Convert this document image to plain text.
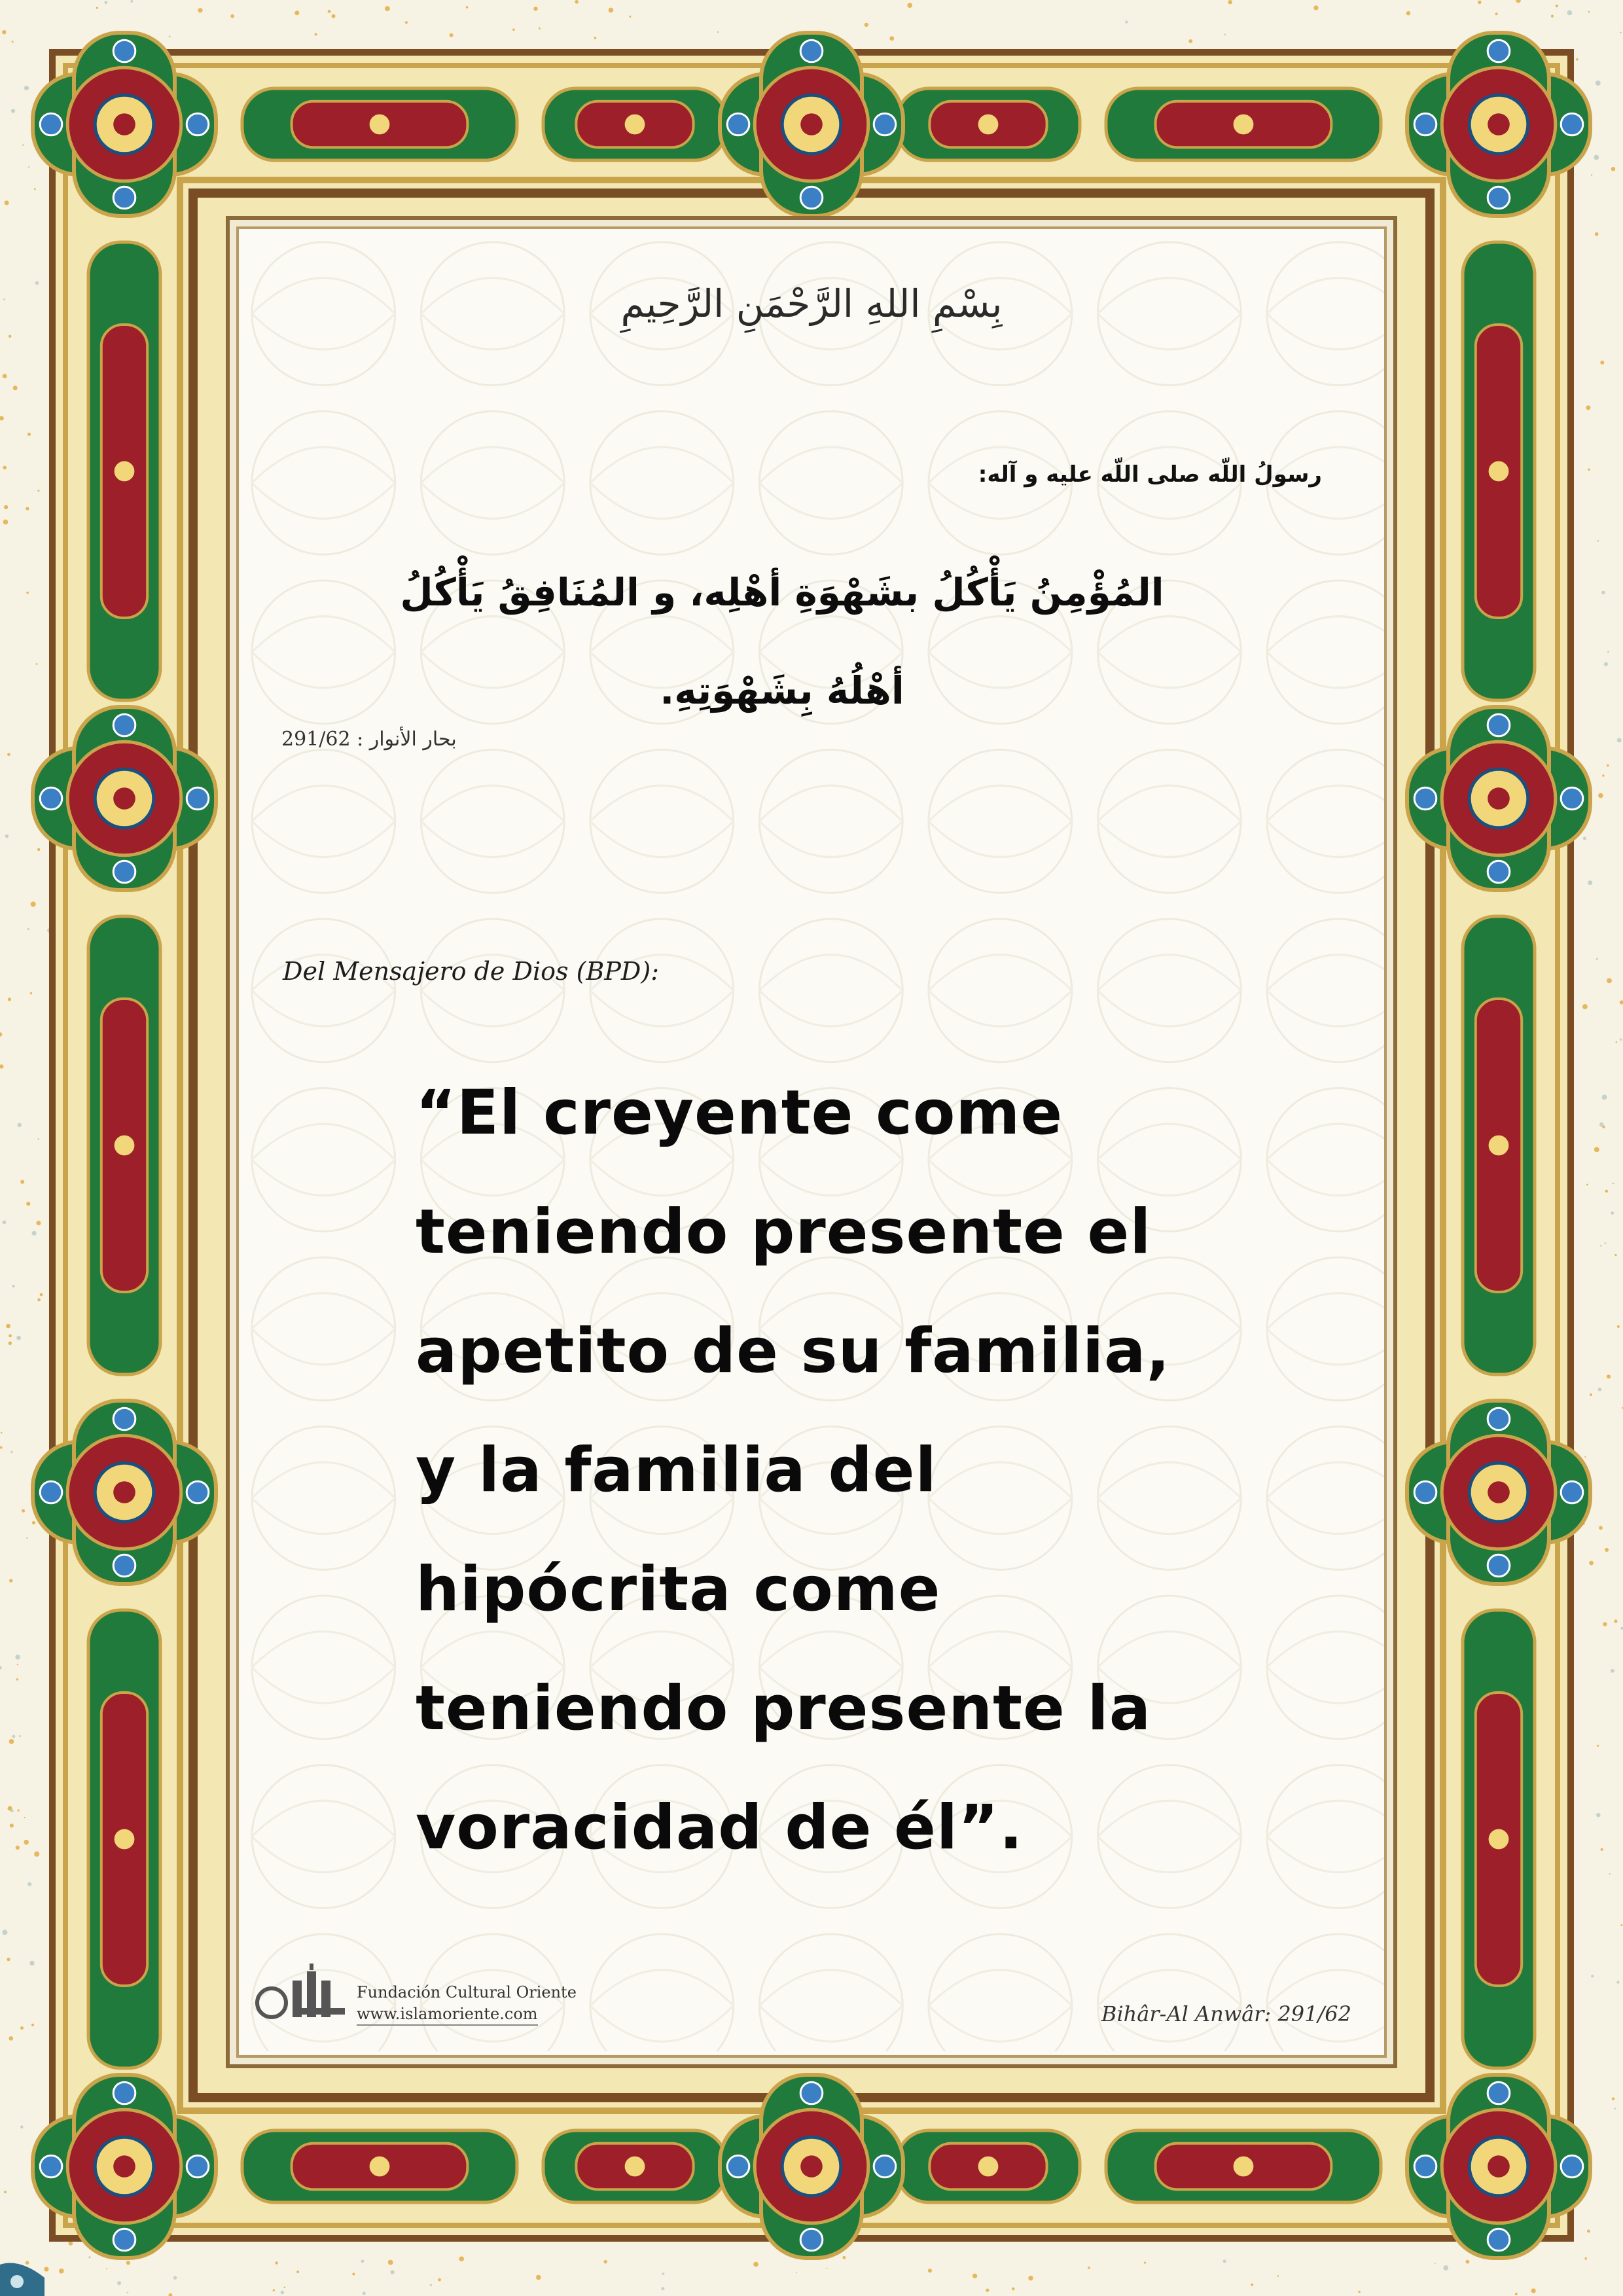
بِسْمِ اللهِ الرَّحْمَنِ الرَّحِيمِ
رسولُ اللّه صلى اللّه عليه و آله:
المُؤْمِنُ يَأْكُلُ بشَهْوَةِ أهْلِه، و المُنَافِقُ يَأْكُلُ أهْلُهُ بِشَهْوَتِهِ.
بحار الأنوار : 291/62
Del Mensajero de Dios (BPD):
“El creyente come
teniendo presente el
apetito de su familia,
y la familia del
hipócrita come
teniendo presente la
voracidad de él”.
Fundación Cultural Oriente
www.islamoriente.com	Bihâr-Al Anwâr: 291/62
